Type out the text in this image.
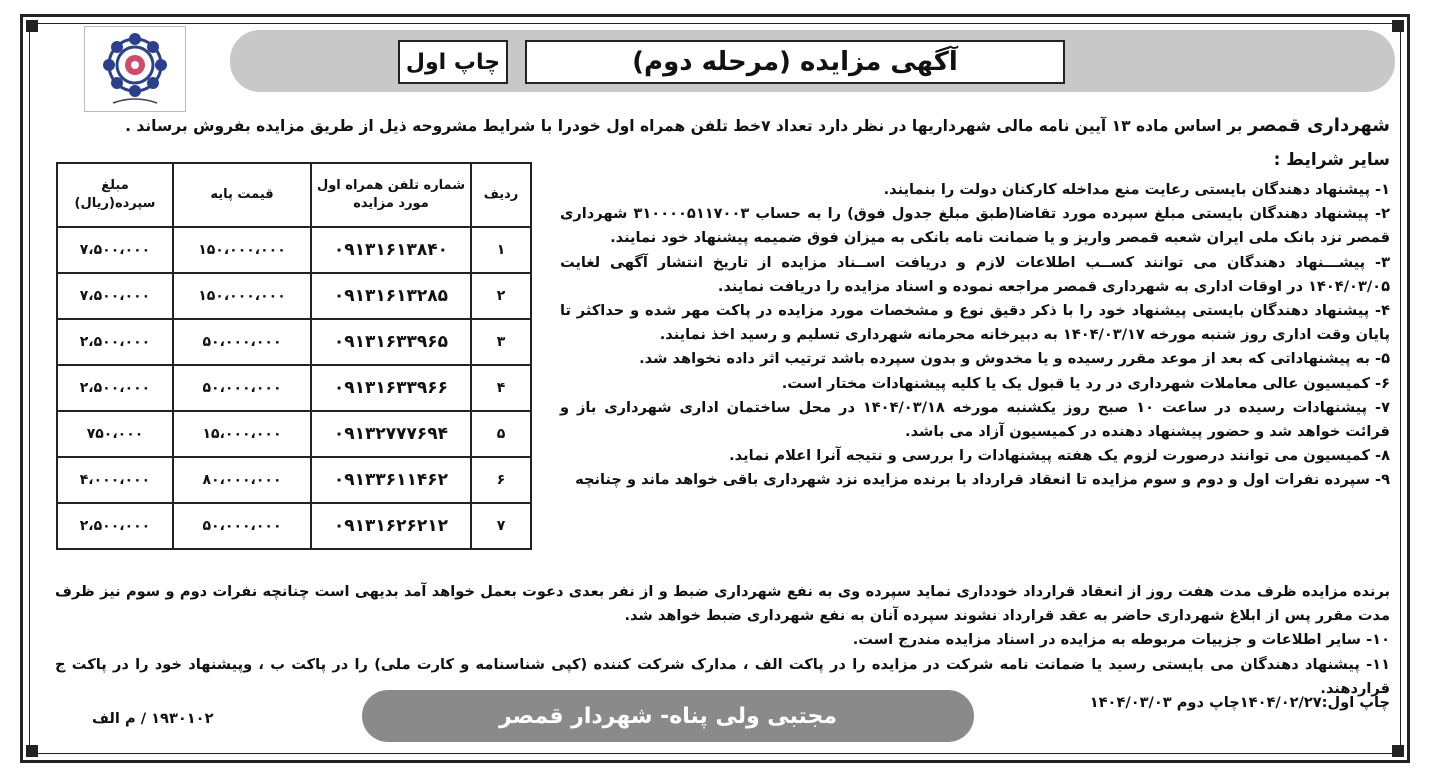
آگهی مزایده (مرحله دوم)
چاپ اول
شهرداری قمصر بر اساس ماده ۱۳ آیین نامه مالی شهرداریها در نظر دارد تعداد ۷خط تلفن همراه اول خودرا با شرایط مشروحه ذیل از طریق مزایده بفروش برساند .
سایر شرایط :

۱- پیشنهاد دهندگان بایستی رعایت منع مداخله کارکنان دولت را بنمایند.

۲- پیشنهاد دهندگان بایستی مبلغ سپرده مورد تقاضا(طبق مبلغ جدول فوق) را به حساب ۳۱۰۰۰۰۵۱۱۷۰۰۳ شهرداری قمصر نزد بانک ملی ایران شعبه قمصر واریز و یا ضمانت نامه بانکی به میزان فوق ضمیمه پیشنهاد خود نمایند.

۳- پیشـــنهاد دهندگان می توانند کســب اطلاعات لازم و دریافت اســناد مزایده از تاریخ انتشار آگهی لغایت ۱۴۰۴/۰۳/۰۵ در اوقات اداری به شهرداری قمصر مراجعه نموده و اسناد مزایده را دریافت نمایند.

۴- پیشنهاد دهندگان بایستی پیشنهاد خود را با ذکر دقیق نوع و مشخصات مورد مزایده در پاکت مهر شده و حداکثر تا پایان وقت اداری روز شنبه مورخه ۱۴۰۴/۰۳/۱۷ به دبیرخانه محرمانه شهرداری تسلیم و رسید اخذ نمایند.

۵- به پیشنهاداتی که بعد از موعد مقرر رسیده و یا مخدوش و بدون سپرده باشد ترتیب اثر داده نخواهد شد.

۶- کمیسیون عالی معاملات شهرداری در رد یا قبول یک یا کلیه پیشنهادات مختار است.

۷- پیشنهادات رسیده در ساعت ۱۰ صبح روز یکشنبه مورخه ۱۴۰۴/۰۳/۱۸ در محل ساختمان اداری شهرداری باز و قرائت خواهد شد و حضور پیشنهاد دهنده در کمیسیون آزاد می باشد.

۸- کمیسیون می توانند درصورت لزوم یک هفته پیشنهادات را بررسی و نتیجه آنرا اعلام نماید.

۹- سپرده نفرات اول و دوم و سوم مزایده تا انعقاد قرارداد با برنده مزایده نزد شهرداری باقی خواهد ماند و چنانچه

برنده مزایده ظرف مدت هفت روز از انعقاد قرارداد خودداری نماید سپرده وی به نفع شهرداری ضبط و از نفر بعدی دعوت بعمل خواهد آمد بدیهی است چنانچه نفرات دوم و سوم نیز ظرف مدت مقرر پس از ابلاغ شهرداری حاضر به عقد قرارداد نشوند سپرده آنان به نفع شهرداری ضبط خواهد شد.

۱۰- سایر اطلاعات و جزییات مربوطه به مزایده در اسناد مزایده مندرج است.

۱۱- پیشنهاد دهندگان می بایستی رسید یا ضمانت نامه شرکت در مزایده را در پاکت الف ، مدارک شرکت کننده (کپی شناسنامه و کارت ملی) را در پاکت ب ، وپیشنهاد خود را در پاکت ج قراردهند.

ردیف	شماره تلفن همراه اول مورد مزایده	قیمت پایه	مبلغ سپرده(ریال)
۱	۰۹۱۳۱۶۱۳۸۴۰	۱۵۰،۰۰۰،۰۰۰	۷،۵۰۰،۰۰۰
۲	۰۹۱۳۱۶۱۳۲۸۵	۱۵۰،۰۰۰،۰۰۰	۷،۵۰۰،۰۰۰
۳	۰۹۱۳۱۶۳۳۹۶۵	۵۰،۰۰۰،۰۰۰	۲،۵۰۰،۰۰۰
۴	۰۹۱۳۱۶۳۳۹۶۶	۵۰،۰۰۰،۰۰۰	۲،۵۰۰،۰۰۰
۵	۰۹۱۳۲۷۷۷۶۹۴	۱۵،۰۰۰،۰۰۰	۷۵۰،۰۰۰
۶	۰۹۱۳۳۶۱۱۴۶۲	۸۰،۰۰۰،۰۰۰	۴،۰۰۰،۰۰۰
۷	۰۹۱۳۱۶۲۶۲۱۲	۵۰،۰۰۰،۰۰۰	۲،۵۰۰،۰۰۰
چاپ اول:۱۴۰۴/۰۲/۲۷چاپ دوم ۱۴۰۴/۰۳/۰۳
مجتبی ولی پناه- شهردار قمصر
۱۹۳۰۱۰۲ / م الف
